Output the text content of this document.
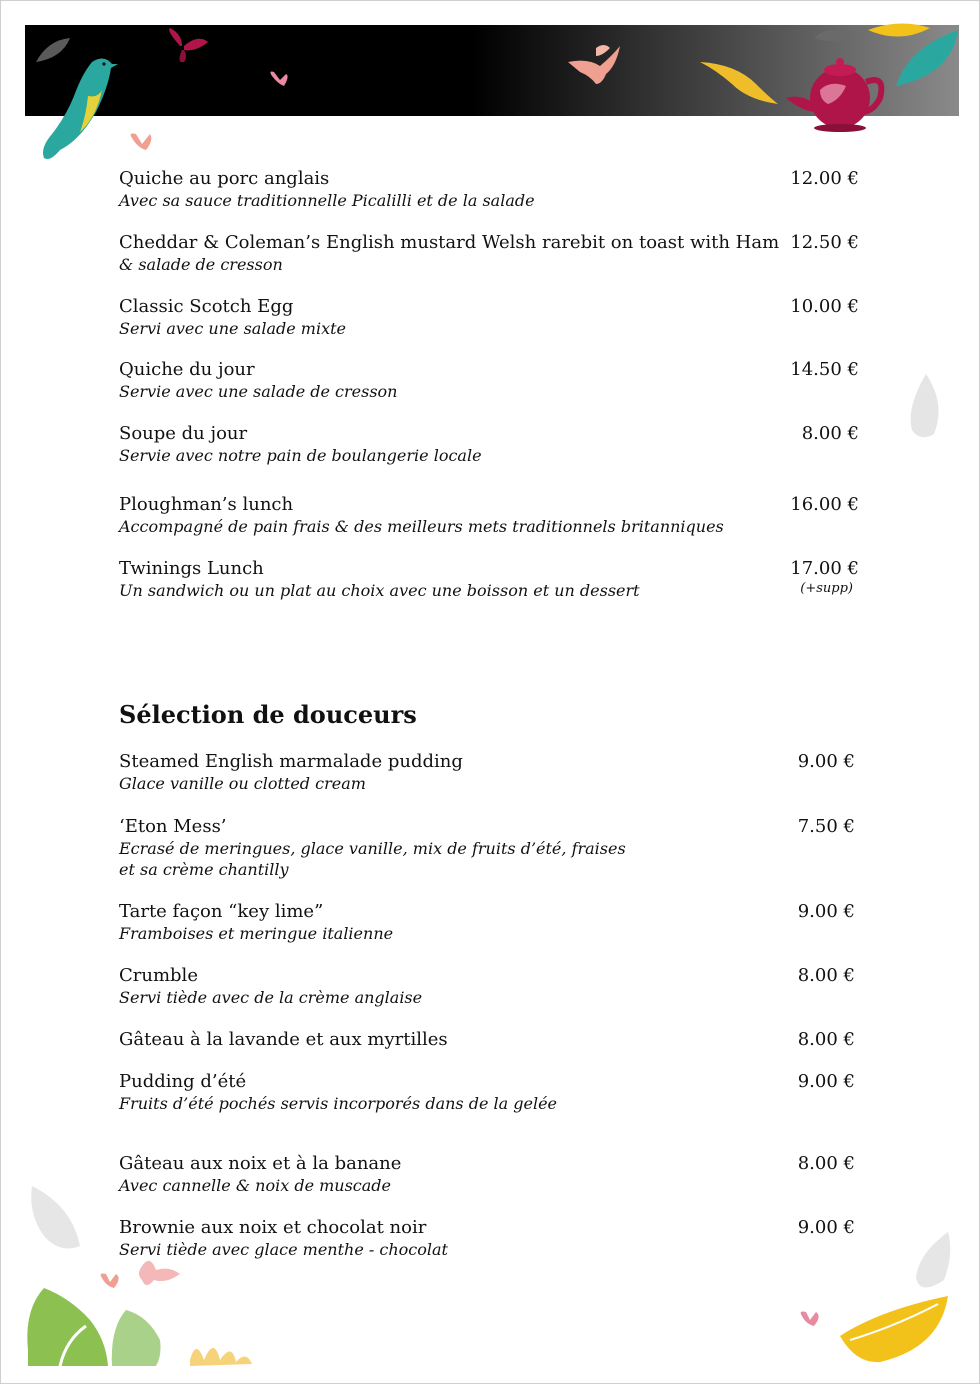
Quiche au porc anglais
Avec sa sauce traditionnelle Picalilli et de la salade
12.00 €
Cheddar & Coleman’s English mustard Welsh rarebit on toast with Ham
& salade de cresson
12.50 €
Classic Scotch Egg
Servi avec une salade mixte
10.00 €
Quiche du jour
Servie avec une salade de cresson
14.50 €
Soupe du jour
Servie avec notre pain de boulangerie locale
8.00 €
Ploughman’s lunch
Accompagné de pain frais & des meilleurs mets traditionnels britanniques
16.00 €
Twinings Lunch
Un sandwich ou un plat au choix avec une boisson et un dessert
17.00 €
(+supp)
Sélection de douceurs
Steamed English marmalade pudding
Glace vanille ou clotted cream
9.00 €
‘Eton Mess’
Ecrasé de meringues, glace vanille, mix de fruits d’été, fraises
et sa crème chantilly
7.50 €
Tarte façon “key lime”
Framboises et meringue italienne
9.00 €
Crumble
Servi tiède avec de la crème anglaise
8.00 €
Gâteau à la lavande et aux myrtilles	8.00 €
Pudding d’été
Fruits d’été pochés servis incorporés dans de la gelée
9.00 €
Gâteau aux noix et à la banane
Avec cannelle & noix de muscade
8.00 €
Brownie aux noix et chocolat noir
Servi tiède avec glace menthe - chocolat
9.00 €
